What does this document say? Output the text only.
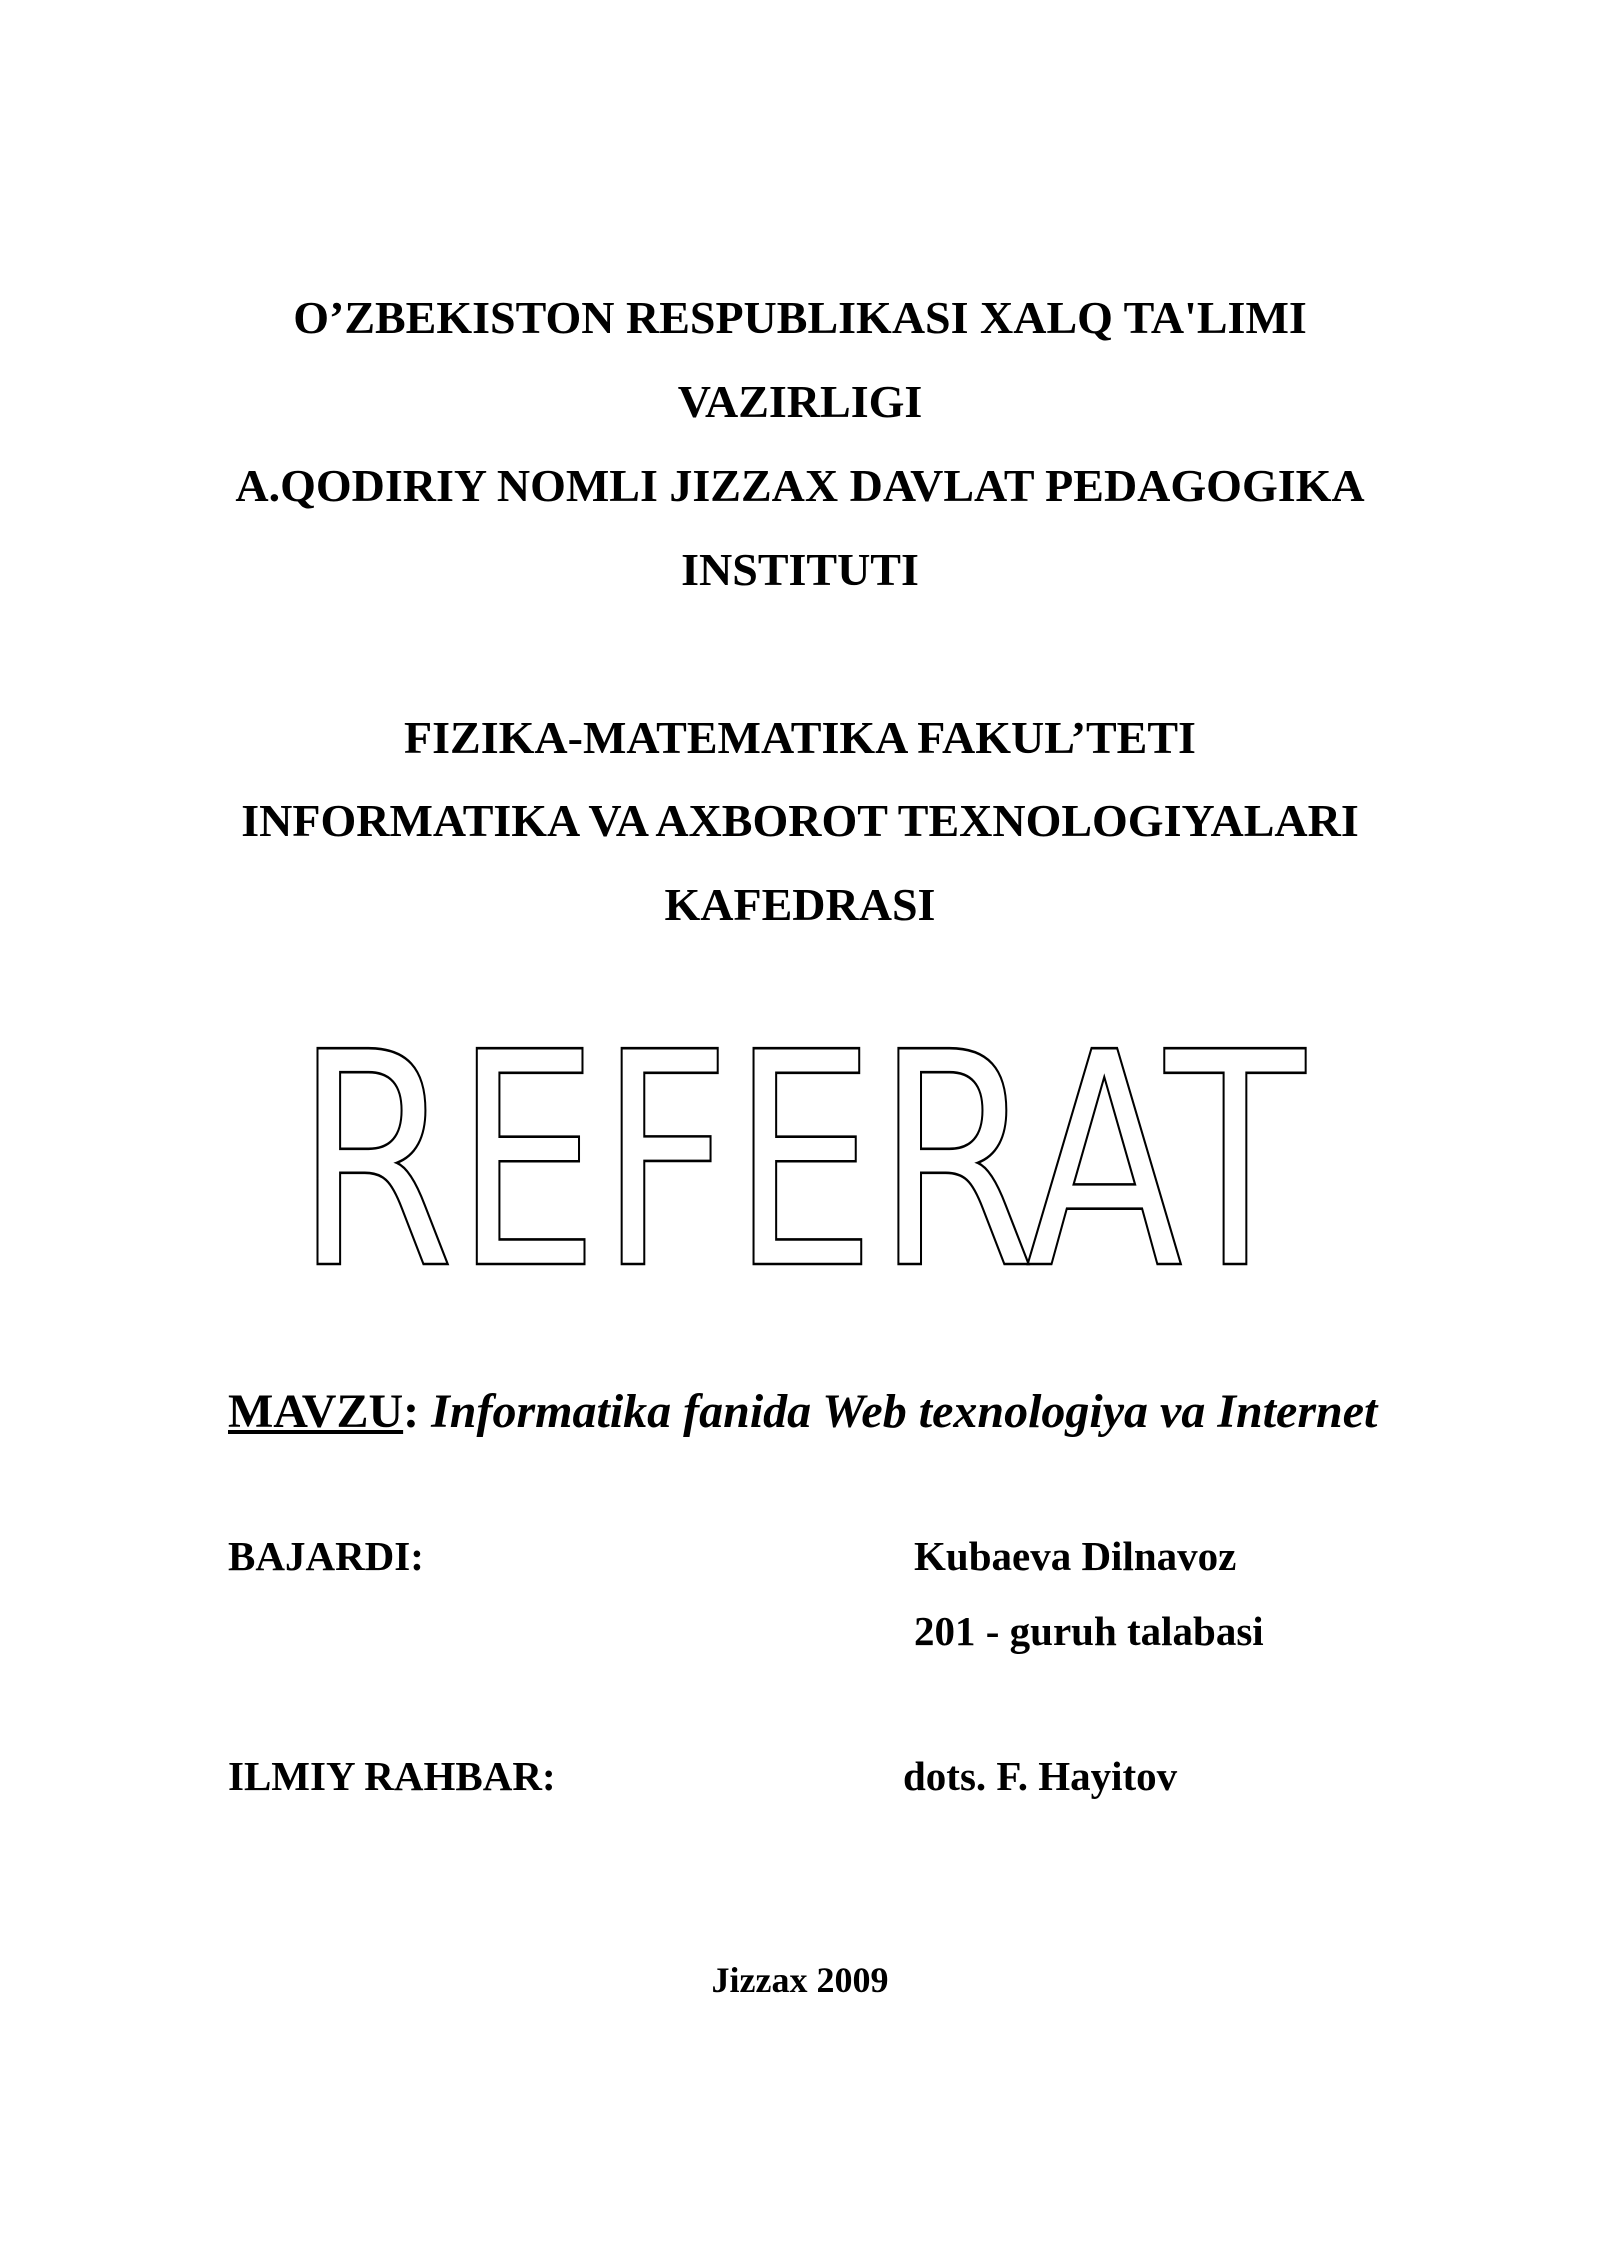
O’ZBEKISTON RESPUBLIKASI XALQ TA'LIMI
VAZIRLIGI
A.QODIRIY NOMLI JIZZAX DAVLAT PEDAGOGIKA
INSTITUTI
FIZIKA-MATEMATIKA FAKUL’TETI
INFORMATIKA VA AXBOROT TEXNOLOGIYALARI
KAFEDRASI
REFERAT
MAVZU: Informatika fanida Web texnologiya va Internet
BAJARDI:	Kubaeva Dilnavoz
201 - guruh talabasi
ILMIY RAHBAR:	dots. F. Hayitov
Jizzax 2009
